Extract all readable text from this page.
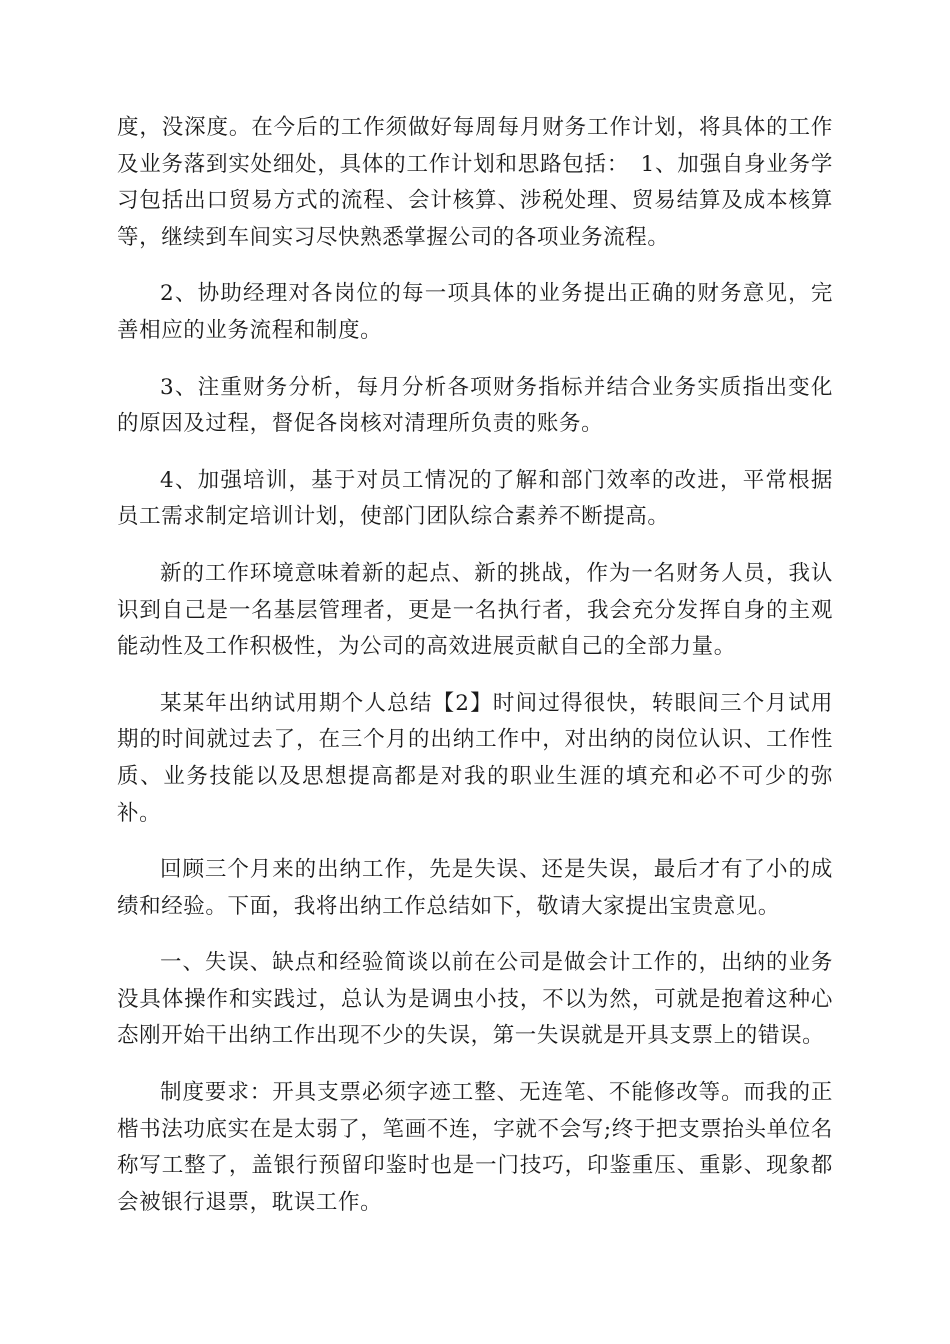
度，没深度。在今后的工作须做好每周每月财务工作计划，将具体的工作及业务落到实处细处，具体的工作计划和思路包括：　1、加强自身业务学习包括出口贸易方式的流程、会计核算、涉税处理、贸易结算及成本核算等，继续到车间实习尽快熟悉掌握公司的各项业务流程。

2、协助经理对各岗位的每一项具体的业务提出正确的财务意见，完善相应的业务流程和制度。

3、注重财务分析，每月分析各项财务指标并结合业务实质指出变化的原因及过程，督促各岗核对清理所负责的账务。

4、加强培训，基于对员工情况的了解和部门效率的改进，平常根据员工需求制定培训计划，使部门团队综合素养不断提高。

新的工作环境意味着新的起点、新的挑战，作为一名财务人员，我认识到自己是一名基层管理者，更是一名执行者，我会充分发挥自身的主观能动性及工作积极性，为公司的高效进展贡献自己的全部力量。

某某年出纳试用期个人总结【2】时间过得很快，转眼间三个月试用期的时间就过去了，在三个月的出纳工作中，对出纳的岗位认识、工作性质、业务技能以及思想提高都是对我的职业生涯的填充和必不可少的弥补。

回顾三个月来的出纳工作，先是失误、还是失误，最后才有了小的成绩和经验。下面，我将出纳工作总结如下，敬请大家提出宝贵意见。

一、失误、缺点和经验简谈以前在公司是做会计工作的，出纳的业务没具体操作和实践过，总认为是调虫小技，不以为然，可就是抱着这种心态刚开始干出纳工作出现不少的失误，第一失误就是开具支票上的错误。

制度要求：开具支票必须字迹工整、无连笔、不能修改等。而我的正楷书法功底实在是太弱了，笔画不连，字就不会写;终于把支票抬头单位名称写工整了，盖银行预留印鉴时也是一门技巧，印鉴重压、重影、现象都会被银行退票，耽误工作。
